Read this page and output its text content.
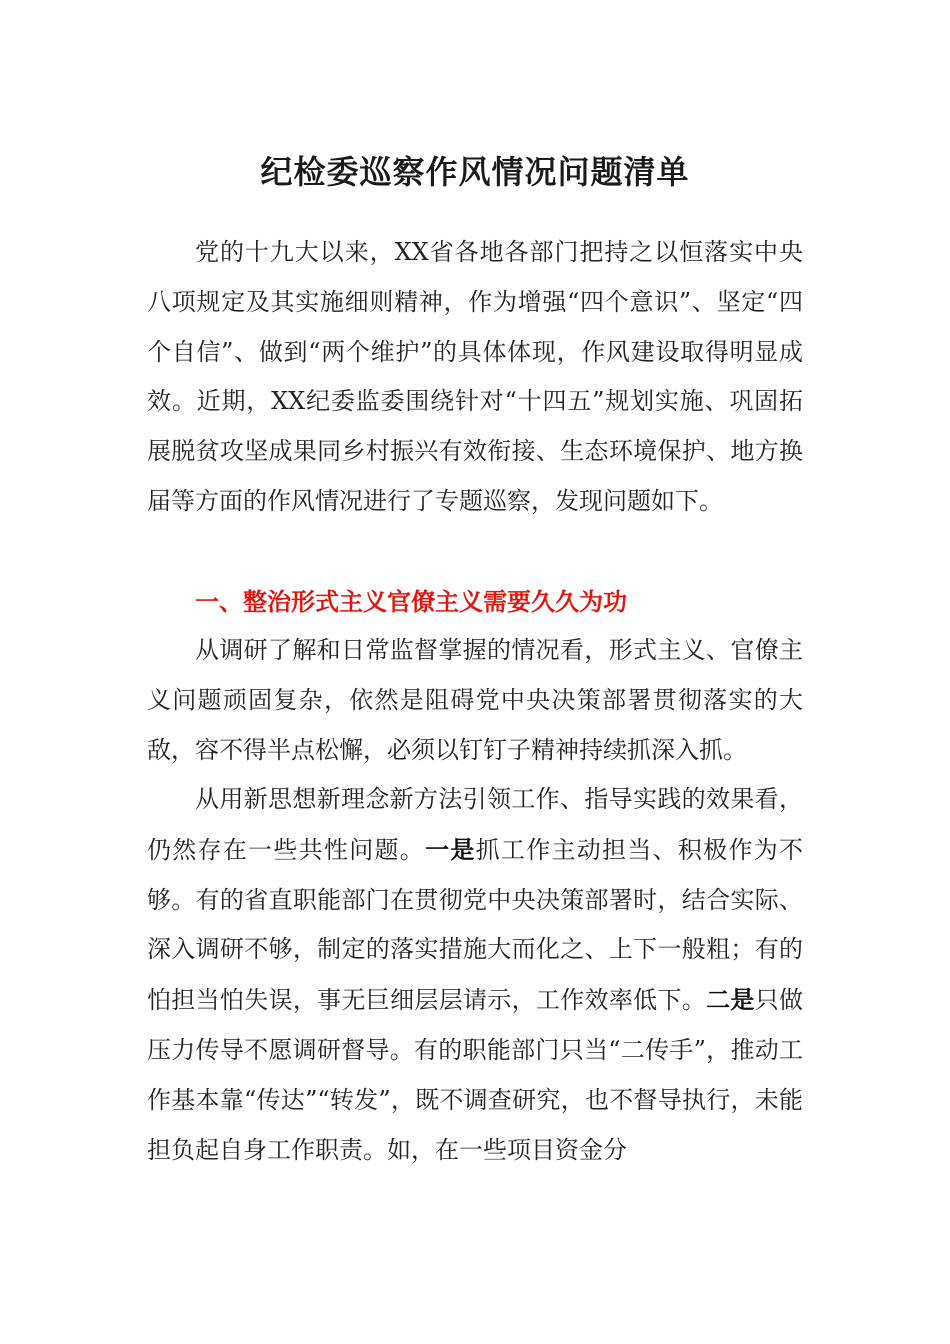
纪检委巡察作风情况问题清单

党的十九大以来，XX省各地各部门把持之以恒落实中央八项规定及其实施细则精神，作为增强“四个意识”、坚定“四个自信”、做到“两个维护”的具体体现，作风建设取得明显成效。近期，XX纪委监委围绕针对“十四五”规划实施、巩固拓展脱贫攻坚成果同乡村振兴有效衔接、生态环境保护、地方换届等方面的作风情况进行了专题巡察，发现问题如下。

一、整治形式主义官僚主义需要久久为功

从调研了解和日常监督掌握的情况看，形式主义、官僚主义问题顽固复杂，依然是阻碍党中央决策部署贯彻落实的大敌，容不得半点松懈，必须以钉钉子精神持续抓深入抓。

从用新思想新理念新方法引领工作、指导实践的效果看，仍然存在一些共性问题。一是抓工作主动担当、积极作为不够。有的省直职能部门在贯彻党中央决策部署时，结合实际、深入调研不够，制定的落实措施大而化之、上下一般粗；有的怕担当怕失误，事无巨细层层请示，工作效率低下。二是只做压力传导不愿调研督导。有的职能部门只当“二传手”，推动工作基本靠“传达”“转发”，既不调查研究，也不督导执行，未能担负起自身工作职责。如，在一些项目资金分
